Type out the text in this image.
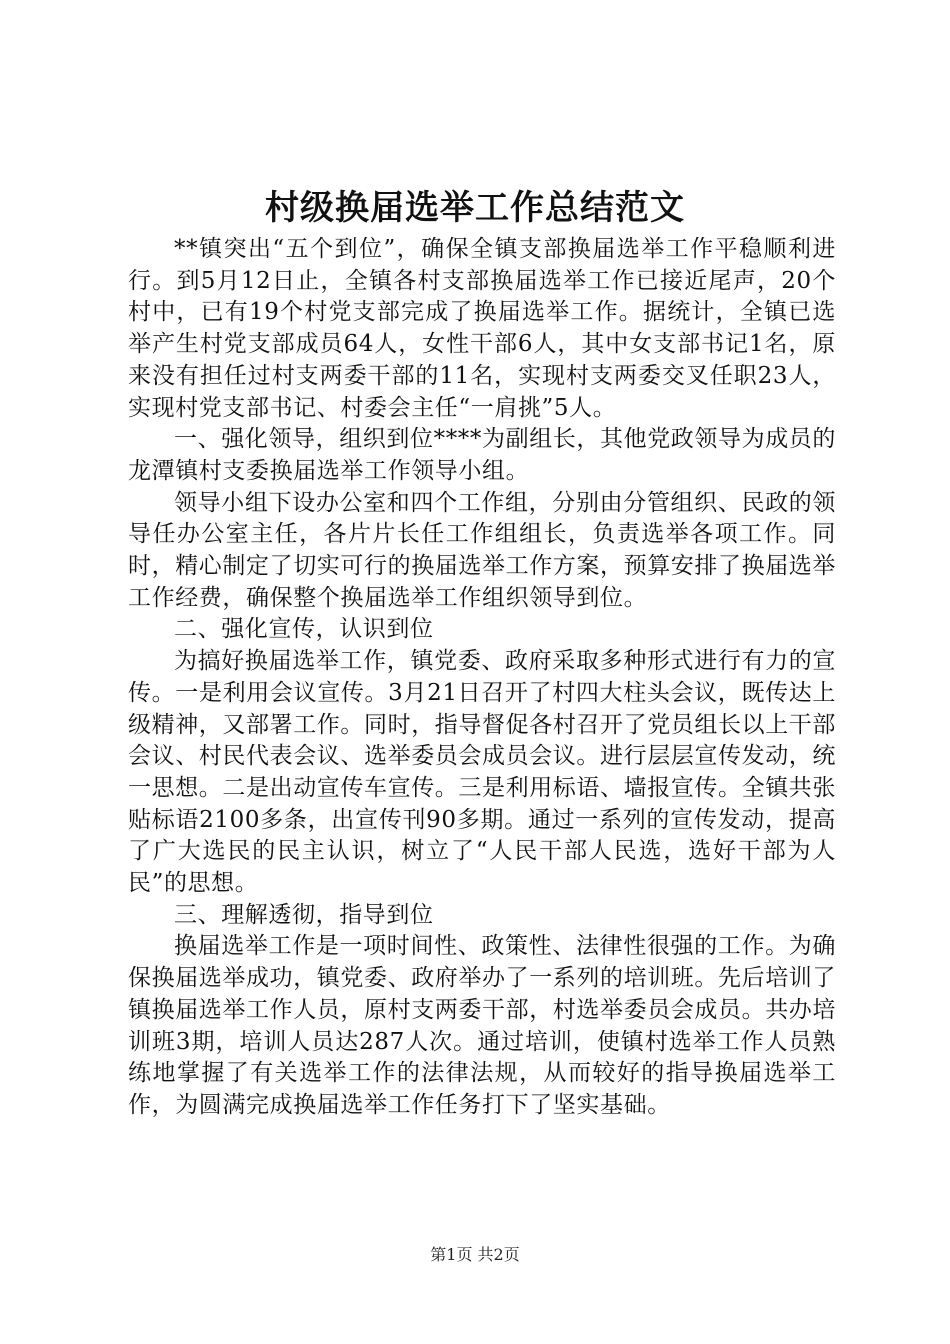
村级换届选举工作总结范文

**镇突出“五个到位”，确保全镇支部换届选举工作平稳顺利进行。到5月12日止，全镇各村支部换届选举工作已接近尾声，20个村中，已有19个村党支部完成了换届选举工作。据统计，全镇已选举产生村党支部成员64人，女性干部6人，其中女支部书记1名，原来没有担任过村支两委干部的11名，实现村支两委交叉任职23人，实现村党支部书记、村委会主任“一肩挑”5人。

一、强化领导，组织到位****为副组长，其他党政领导为成员的龙潭镇村支委换届选举工作领导小组。

领导小组下设办公室和四个工作组，分别由分管组织、民政的领导任办公室主任，各片片长任工作组组长，负责选举各项工作。同时，精心制定了切实可行的换届选举工作方案，预算安排了换届选举工作经费，确保整个换届选举工作组织领导到位。

二、强化宣传，认识到位

为搞好换届选举工作，镇党委、政府采取多种形式进行有力的宣传。一是利用会议宣传。3月21日召开了村四大柱头会议，既传达上级精神，又部署工作。同时，指导督促各村召开了党员组长以上干部会议、村民代表会议、选举委员会成员会议。进行层层宣传发动，统一思想。二是出动宣传车宣传。三是利用标语、墙报宣传。全镇共张贴标语2100多条，出宣传刊90多期。通过一系列的宣传发动，提高了广大选民的民主认识，树立了“人民干部人民选，选好干部为人民”的思想。

三、理解透彻，指导到位

换届选举工作是一项时间性、政策性、法律性很强的工作。为确保换届选举成功，镇党委、政府举办了一系列的培训班。先后培训了镇换届选举工作人员，原村支两委干部，村选举委员会成员。共办培训班3期，培训人员达287人次。通过培训，使镇村选举工作人员熟练地掌握了有关选举工作的法律法规，从而较好的指导换届选举工作，为圆满完成换届选举工作任务打下了坚实基础。

第1页 共2页
